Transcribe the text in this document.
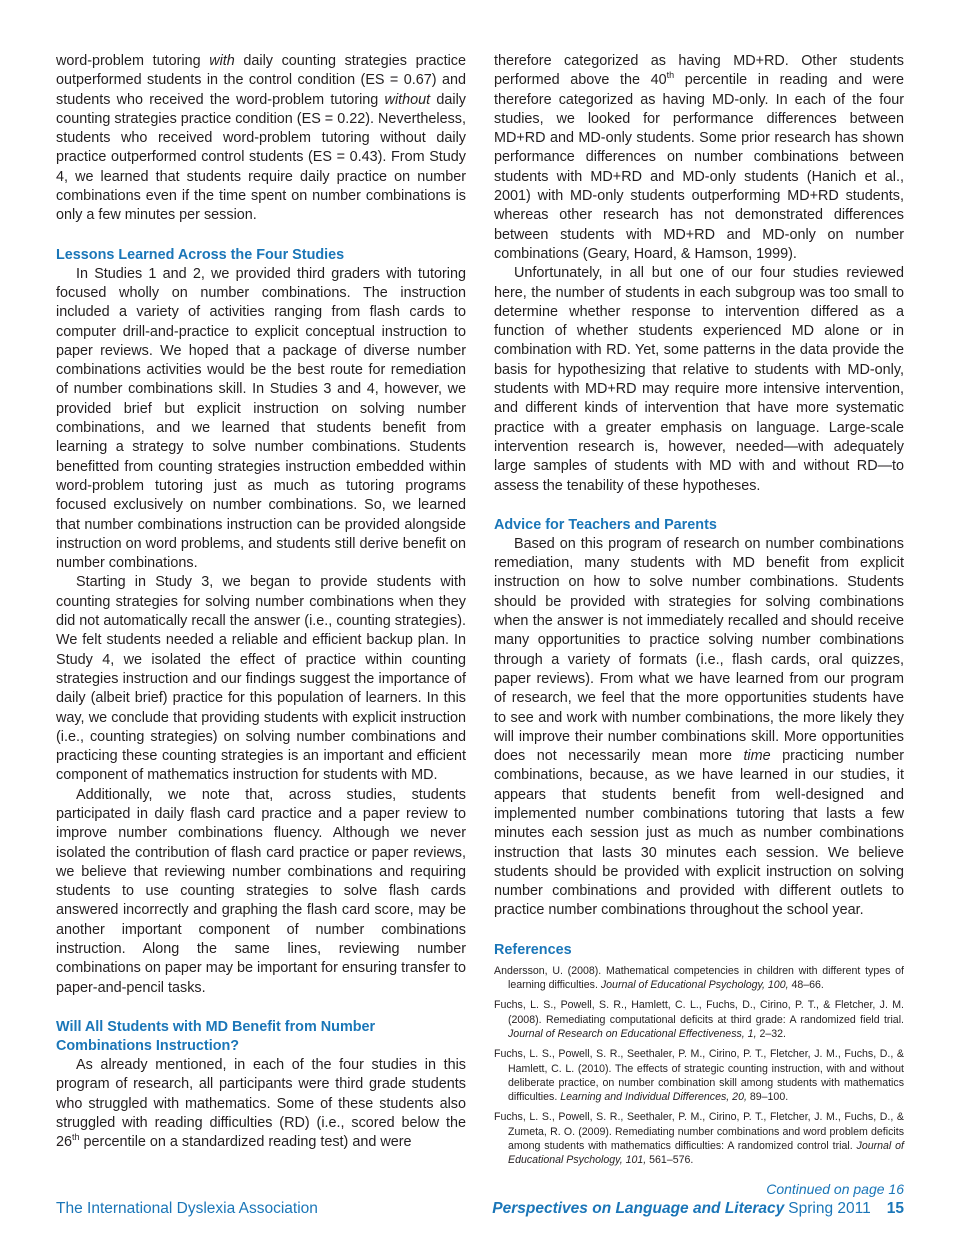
word-problem tutoring with daily counting strategies practice outperformed students in the control condition (ES = 0.67) and students who received the word-problem tutoring without daily counting strategies practice condition (ES = 0.22). Nevertheless, students who received word-problem tutoring without daily practice outperformed control students (ES = 0.43). From Study 4, we learned that students require daily practice on number combinations even if the time spent on number combinations is only a few minutes per session.

Lessons Learned Across the Four Studies

In Studies 1 and 2, we provided third graders with tutoring focused wholly on number combinations. The instruction included a variety of activities ranging from flash cards to computer drill-and-practice to explicit conceptual instruction to paper reviews. We hoped that a package of diverse number combinations activities would be the best route for remediation of number combinations skill. In Studies 3 and 4, however, we provided brief but explicit instruction on solving number combinations, and we learned that students benefit from learning a strategy to solve number combinations. Students benefitted from counting strategies instruction embedded within word-problem tutoring just as much as tutoring programs focused exclusively on number combinations. So, we learned that number combinations instruction can be provided alongside instruction on word problems, and students still derive benefit on number combinations.

Starting in Study 3, we began to provide students with counting strategies for solving number combinations when they did not automatically recall the answer (i.e., counting strategies). We felt students needed a reliable and efficient backup plan. In Study 4, we isolated the effect of practice within counting strategies instruction and our findings suggest the importance of daily (albeit brief) practice for this population of learners. In this way, we conclude that providing students with explicit instruction (i.e., counting strategies) on solving number combinations and practicing these counting strategies is an important and efficient component of mathematics instruction for students with MD.

Additionally, we note that, across studies, students participated in daily flash card practice and a paper review to improve number combinations fluency. Although we never isolated the contribution of flash card practice or paper reviews, we believe that reviewing number combinations and requiring students to use counting strategies to solve flash cards answered incorrectly and graphing the flash card score, may be another important component of number combinations instruction. Along the same lines, reviewing number combinations on paper may be important for ensuring transfer to paper-and-pencil tasks.

Will All Students with MD Benefit from Number Combinations Instruction?

As already mentioned, in each of the four studies in this program of research, all participants were third grade students who struggled with mathematics. Some of these students also struggled with reading difficulties (RD) (i.e., scored below the 26th percentile on a standardized reading test) and were

therefore categorized as having MD+RD. Other students performed above the 40th percentile in reading and were therefore categorized as having MD-only. In each of the four studies, we looked for performance differences between MD+RD and MD-only students. Some prior research has shown performance differences on number combinations between students with MD+RD and MD-only students (Hanich et al., 2001) with MD-only students outperforming MD+RD students, whereas other research has not demonstrated differences between students with MD+RD and MD-only on number combinations (Geary, Hoard, & Hamson, 1999).

Unfortunately, in all but one of our four studies reviewed here, the number of students in each subgroup was too small to determine whether response to intervention differed as a function of whether students experienced MD alone or in combination with RD. Yet, some patterns in the data provide the basis for hypothesizing that relative to students with MD-only, students with MD+RD may require more intensive intervention, and different kinds of intervention that have more systematic practice with a greater emphasis on language. Large-scale intervention research is, however, needed—with adequately large samples of students with MD with and without RD—to assess the tenability of these hypotheses.

Advice for Teachers and Parents

Based on this program of research on number combinations remediation, many students with MD benefit from explicit instruction on how to solve number combinations. Students should be provided with strategies for solving combinations when the answer is not immediately recalled and should receive many opportunities to practice solving number combinations through a variety of formats (i.e., flash cards, oral quizzes, paper reviews). From what we have learned from our program of research, we feel that the more opportunities students have to see and work with number combinations, the more likely they will improve their number combinations skill. More opportunities does not necessarily mean more time practicing number combinations, because, as we have learned in our studies, it appears that students benefit from well-designed and implemented number combinations tutoring that lasts a few minutes each session just as much as number combinations instruction that lasts 30 minutes each session. We believe students should be provided with explicit instruction on solving number combinations and provided with different outlets to practice number combinations throughout the school year.

References

Andersson, U. (2008). Mathematical competencies in children with different types of learning difficulties. Journal of Educational Psychology, 100, 48–66.

Fuchs, L. S., Powell, S. R., Hamlett, C. L., Fuchs, D., Cirino, P. T., & Fletcher, J. M. (2008). Remediating computational deficits at third grade: A randomized field trial. Journal of Research on Educational Effectiveness, 1, 2–32.

Fuchs, L. S., Powell, S. R., Seethaler, P. M., Cirino, P. T., Fletcher, J. M., Fuchs, D., & Hamlett, C. L. (2010). The effects of strategic counting instruction, with and without deliberate practice, on number combination skill among students with mathematics difficulties. Learning and Individual Differences, 20, 89–100.

Fuchs, L. S., Powell, S. R., Seethaler, P. M., Cirino, P. T., Fletcher, J. M., Fuchs, D., & Zumeta, R. O. (2009). Remediating number combinations and word problem deficits among students with mathematics difficulties: A randomized control trial. Journal of Educational Psychology, 101, 561–576.

Continued on page 16
The International Dyslexia Association	Perspectives on Language and Literacy Spring 2011 15
